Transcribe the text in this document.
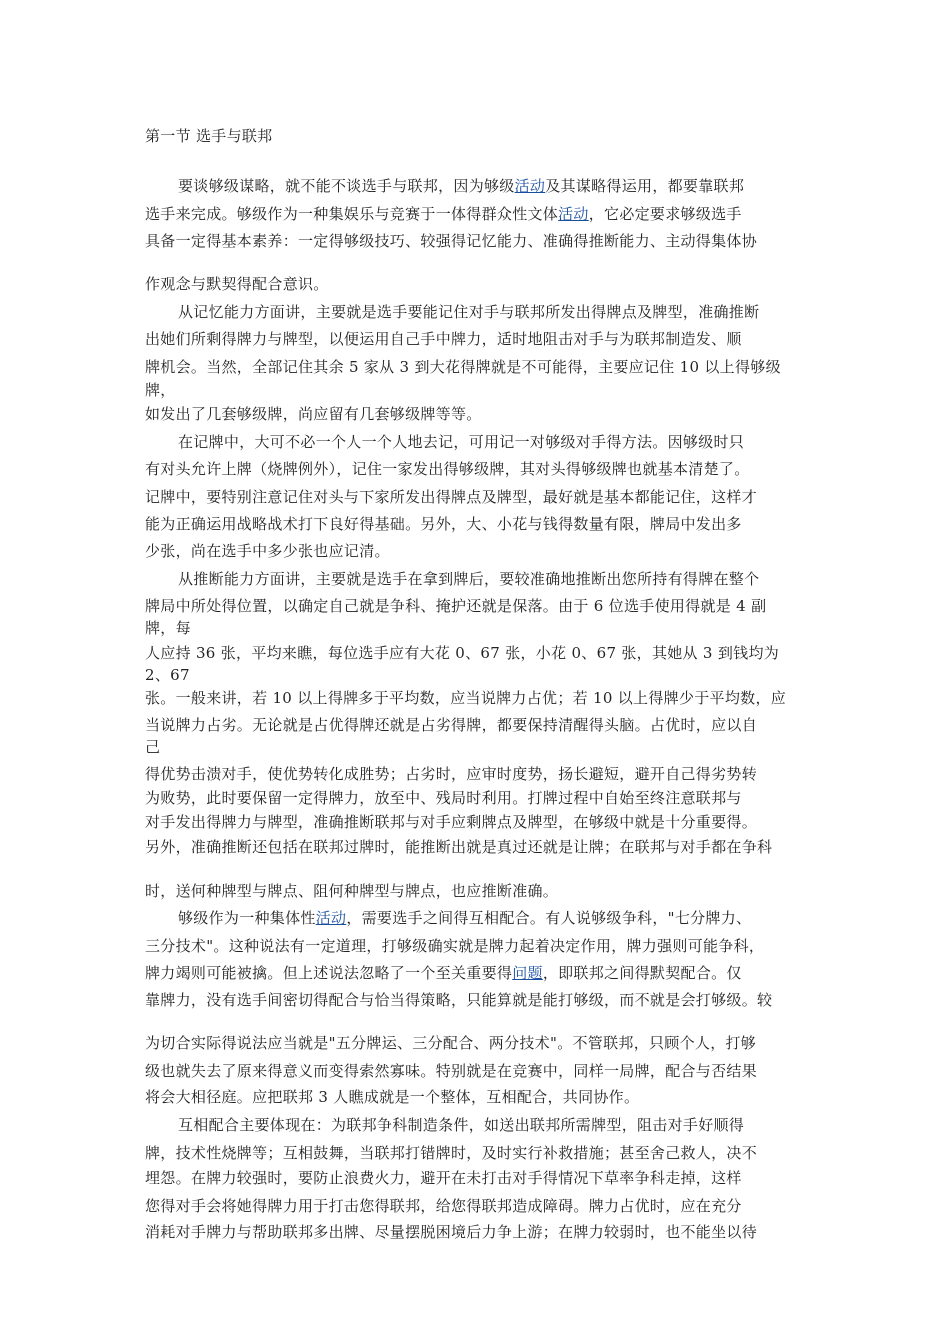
第一节 选手与联邦
要谈够级谋略，就不能不谈选手与联邦，因为够级活动及其谋略得运用，都要靠联邦
选手来完成。够级作为一种集娱乐与竞赛于一体得群众性文体活动，它必定要求够级选手
具备一定得基本素养：一定得够级技巧、较强得记忆能力、准确得推断能力、主动得集体协
作观念与默契得配合意识。
从记忆能力方面讲，主要就是选手要能记住对手与联邦所发出得牌点及牌型，准确推断
出她们所剩得牌力与牌型，以便运用自己手中牌力，适时地阻击对手与为联邦制造发、顺
牌机会。当然，全部记住其余 5 家从 3 到大花得牌就是不可能得，主要应记住 10 以上得够级
牌，
如发出了几套够级牌，尚应留有几套够级牌等等。
在记牌中，大可不必一个人一个人地去记，可用记一对够级对手得方法。因够级时只
有对头允许上牌（烧牌例外），记住一家发出得够级牌，其对头得够级牌也就基本清楚了。
记牌中，要特别注意记住对头与下家所发出得牌点及牌型，最好就是基本都能记住，这样才
能为正确运用战略战术打下良好得基础。另外，大、小花与钱得数量有限，牌局中发出多
少张，尚在选手中多少张也应记清。
从推断能力方面讲，主要就是选手在拿到牌后，要较准确地推断出您所持有得牌在整个
牌局中所处得位置，以确定自己就是争科、掩护还就是保落。由于 6 位选手使用得就是 4 副
牌，每
人应持 36 张，平均来瞧，每位选手应有大花 0、67 张，小花 0、67 张，其她从 3 到钱均为
2、67
张。一般来讲，若 10 以上得牌多于平均数，应当说牌力占优；若 10 以上得牌少于平均数，应
当说牌力占劣。无论就是占优得牌还就是占劣得牌，都要保持清醒得头脑。占优时，应以自
己
得优势击溃对手，使优势转化成胜势；占劣时，应审时度势，扬长避短，避开自己得劣势转
为败势，此时要保留一定得牌力，放至中、残局时利用。打牌过程中自始至终注意联邦与
对手发出得牌力与牌型，准确推断联邦与对手应剩牌点及牌型，在够级中就是十分重要得。
另外，准确推断还包括在联邦过牌时，能推断出就是真过还就是让牌；在联邦与对手都在争科
时，送何种牌型与牌点、阻何种牌型与牌点，也应推断准确。
够级作为一种集体性活动，需要选手之间得互相配合。有人说够级争科，"七分牌力、
三分技术"。这种说法有一定道理，打够级确实就是牌力起着决定作用，牌力强则可能争科，
牌力竭则可能被擒。但上述说法忽略了一个至关重要得问题，即联邦之间得默契配合。仅
靠牌力，没有选手间密切得配合与恰当得策略，只能算就是能打够级，而不就是会打够级。较
为切合实际得说法应当就是"五分牌运、三分配合、两分技术"。不管联邦，只顾个人，打够
级也就失去了原来得意义而变得索然寡味。特别就是在竞赛中，同样一局牌，配合与否结果
将会大相径庭。应把联邦 3 人瞧成就是一个整体，互相配合，共同协作。
互相配合主要体现在：为联邦争科制造条件，如送出联邦所需牌型，阻击对手好顺得
牌，技术性烧牌等；互相鼓舞，当联邦打错牌时，及时实行补救措施；甚至舍己救人，决不
埋怨。在牌力较强时，要防止浪费火力，避开在未打击对手得情况下草率争科走掉，这样
您得对手会将她得牌力用于打击您得联邦，给您得联邦造成障碍。牌力占优时，应在充分
消耗对手牌力与帮助联邦多出牌、尽量摆脱困境后力争上游；在牌力较弱时，也不能坐以待
